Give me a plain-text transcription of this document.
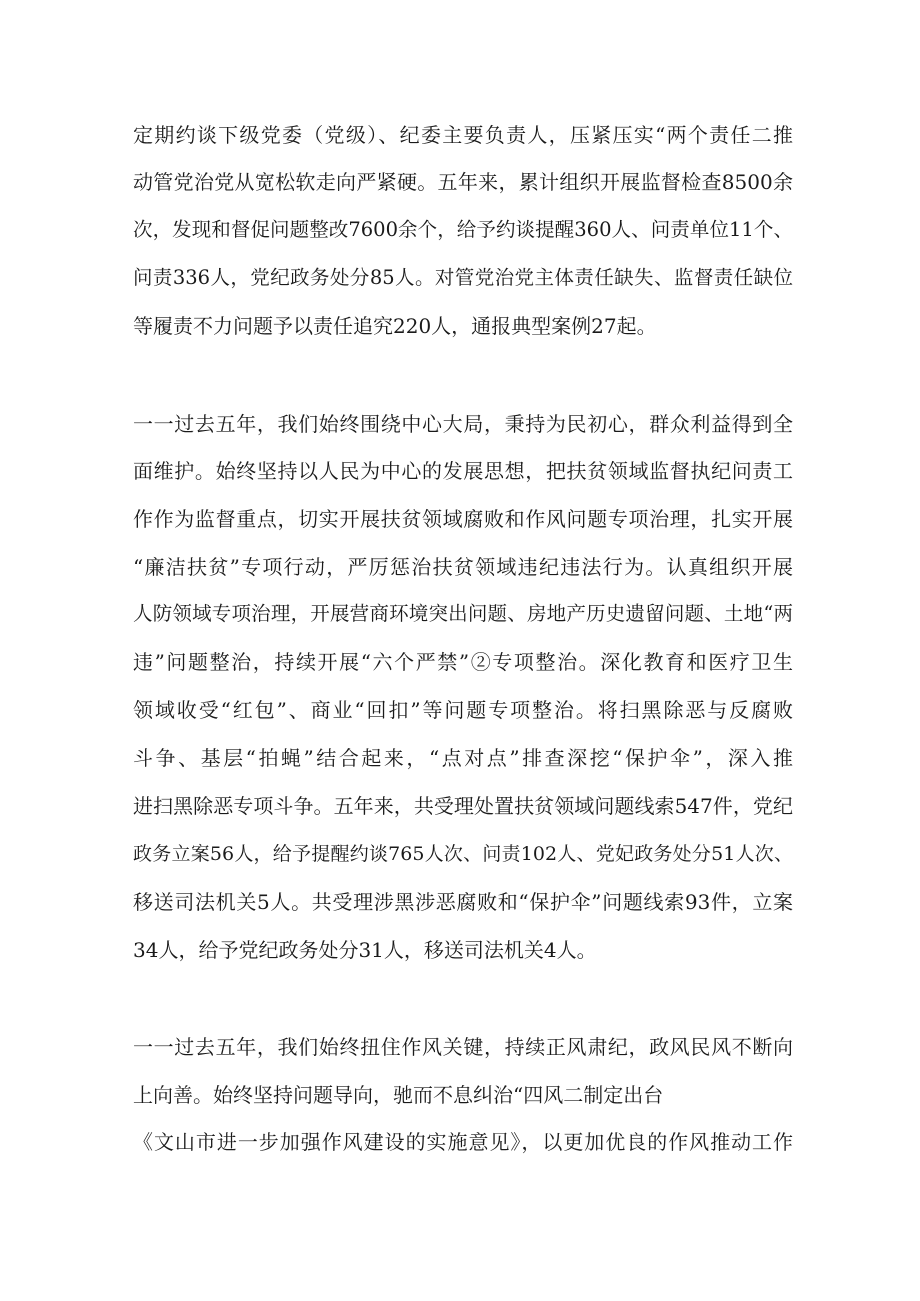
定期约谈下级党委（党级）、纪委主要负责人，压紧压实“两个责任二推
动管党治党从宽松软走向严紧硬。五年来，累计组织开展监督检查8500余
次，发现和督促问题整改7600余个，给予约谈提醒360人、问责单位11个、
问责336人，党纪政务处分85人。对管党治党主体责任缺失、监督责任缺位
等履责不力问题予以责任追究220人，通报典型案例27起。
一一过去五年，我们始终围绕中心大局，秉持为民初心，群众利益得到全
面维护。始终坚持以人民为中心的发展思想，把扶贫领域监督执纪问责工
作作为监督重点，切实开展扶贫领域腐败和作风问题专项治理，扎实开展
“廉洁扶贫”专项行动，严厉惩治扶贫领域违纪违法行为。认真组织开展
人防领域专项治理，开展营商环境突出问题、房地产历史遗留问题、土地“两
违”问题整治，持续开展“六个严禁”②专项整治。深化教育和医疗卫生
领域收受“红包”、商业“回扣”等问题专项整治。将扫黑除恶与反腐败
斗争、基层“拍蝇”结合起来，“点对点”排查深挖“保护伞”，深入推
进扫黑除恶专项斗争。五年来，共受理处置扶贫领域问题线索547件，党纪
政务立案56人，给予提醒约谈765人次、问责102人、党妃政务处分51人次、
移送司法机关5人。共受理涉黑涉恶腐败和“保护伞”问题线索93件，立案
34人，给予党纪政务处分31人，移送司法机关4人。
一一过去五年，我们始终扭住作风关键，持续正风肃纪，政风民风不断向
上向善。始终坚持问题导向，驰而不息纠治“四风二制定出台
《文山市进一步加强作风建设的实施意见》，以更加优良的作风推动工作
